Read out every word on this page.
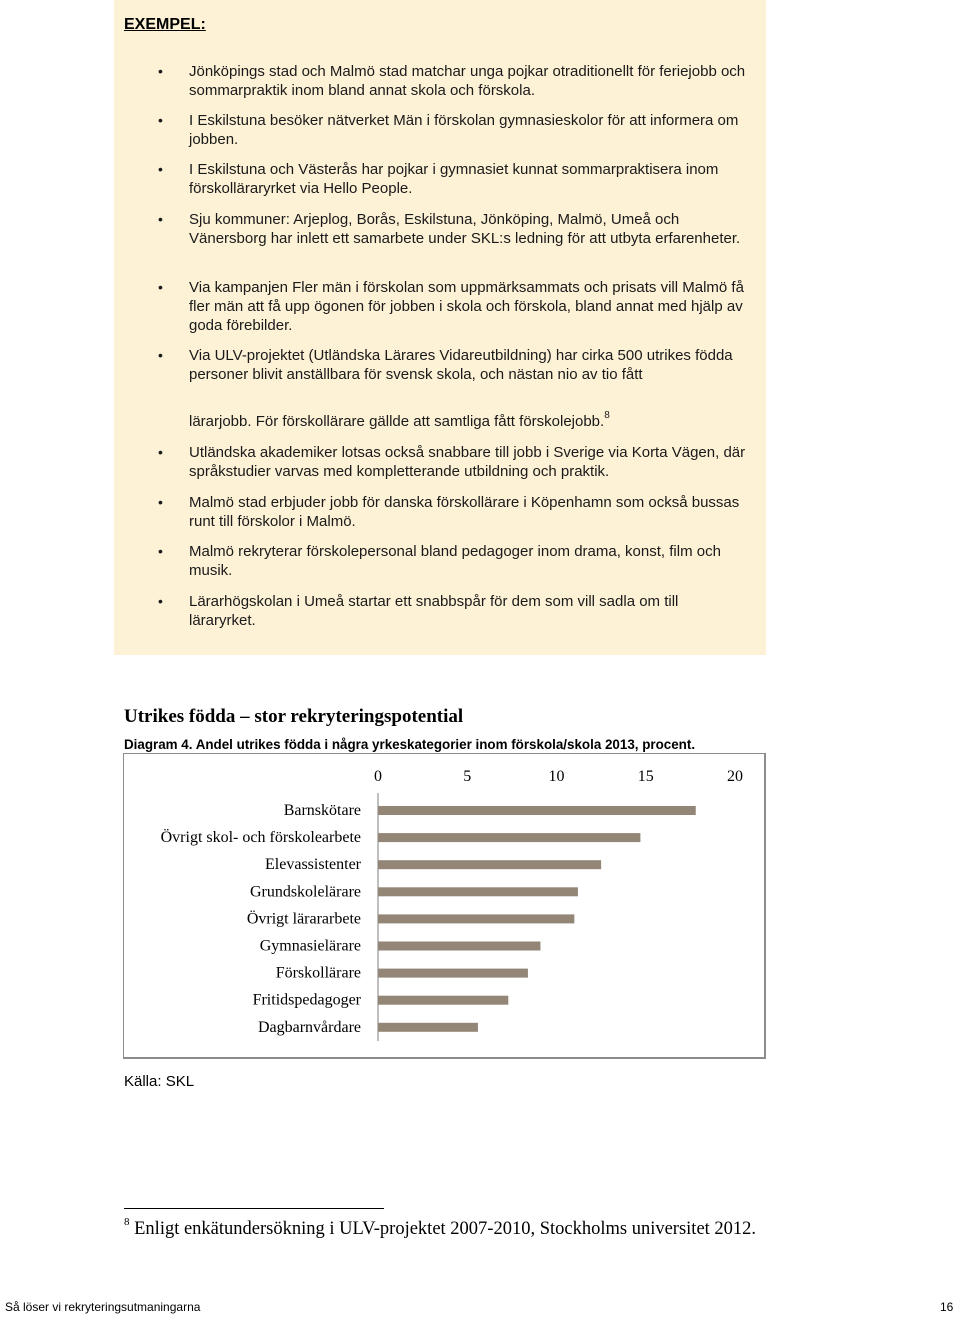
EXEMPEL:
• Jönköpings stad och Malmö stad matchar unga pojkar otraditionellt för feriejobb och sommarpraktik inom bland annat skola och förskola.
• I Eskilstuna besöker nätverket Män i förskolan gymnasieskolor för att informera om jobben.
• I Eskilstuna och Västerås har pojkar i gymnasiet kunnat sommarpraktisera inom förskolläraryrket via Hello People.
• Sju kommuner: Arjeplog, Borås, Eskilstuna, Jönköping, Malmö, Umeå och Vänersborg har inlett ett samarbete under SKL:s ledning för att utbyta erfarenheter.
• Via kampanjen Fler män i förskolan som uppmärksammats och prisats vill Malmö få fler män att få upp ögonen för jobben i skola och förskola, bland annat med hjälp av goda förebilder.
• Via ULV-projektet (Utländska Lärares Vidareutbildning) har cirka 500 utrikes födda personer blivit anställbara för svensk skola, och nästan nio av tio fått
lärarjobb. För förskollärare gällde att samtliga fått förskolejobb.$^8$
• Utländska akademiker lotsas också snabbare till jobb i Sverige via Korta Vägen, där språkstudier varvas med kompletterande utbildning och praktik.
• Malmö stad erbjuder jobb för danska förskollärare i Köpenhamn som också bussas runt till förskolor i Malmö.
• Malmö rekryterar förskolepersonal bland pedagoger inom drama, konst, film och musik.
• Lärarhögskolan i Umeå startar ett snabbspår för dem som vill sadla om till läraryrket.
Utrikes födda – stor rekryteringspotential

Diagram 4. Andel utrikes födda i några yrkeskategorier inom förskola/skola 2013, procent.

0	5	10	15	20
Barnskötare
Övrigt skol- och förskolearbete
Elevassistenter
Grundskolelärare
Övrigt lärararbete
Gymnasielärare
Förskollärare
Fritidspedagoger
Dagbarnvårdare
Källa: SKL
$^8$ Enligt enkätundersökning i ULV-projektet 2007-2010, Stockholms universitet 2012.
Så löser vi rekryteringsutmaningarna	16
